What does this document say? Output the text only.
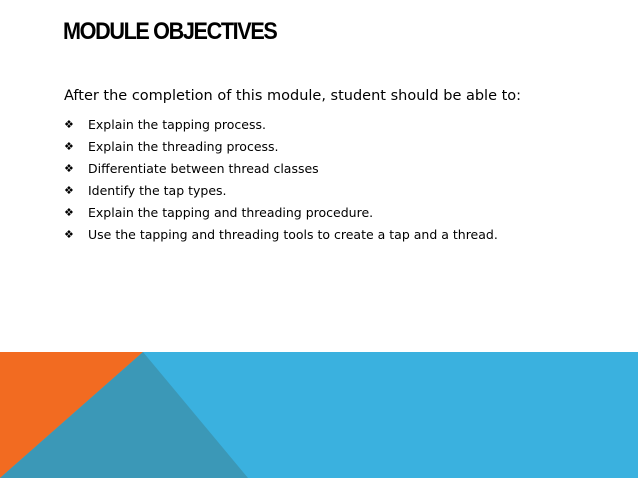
MODULE OBJECTIVES

After the completion of this module, student should be able to:

❖	Explain the tapping process.
❖	Explain the threading process.
❖	Differentiate between thread classes
❖	Identify the tap types.
❖	Explain the tapping and threading procedure.
❖	Use the tapping and threading tools to create a tap and a thread.
